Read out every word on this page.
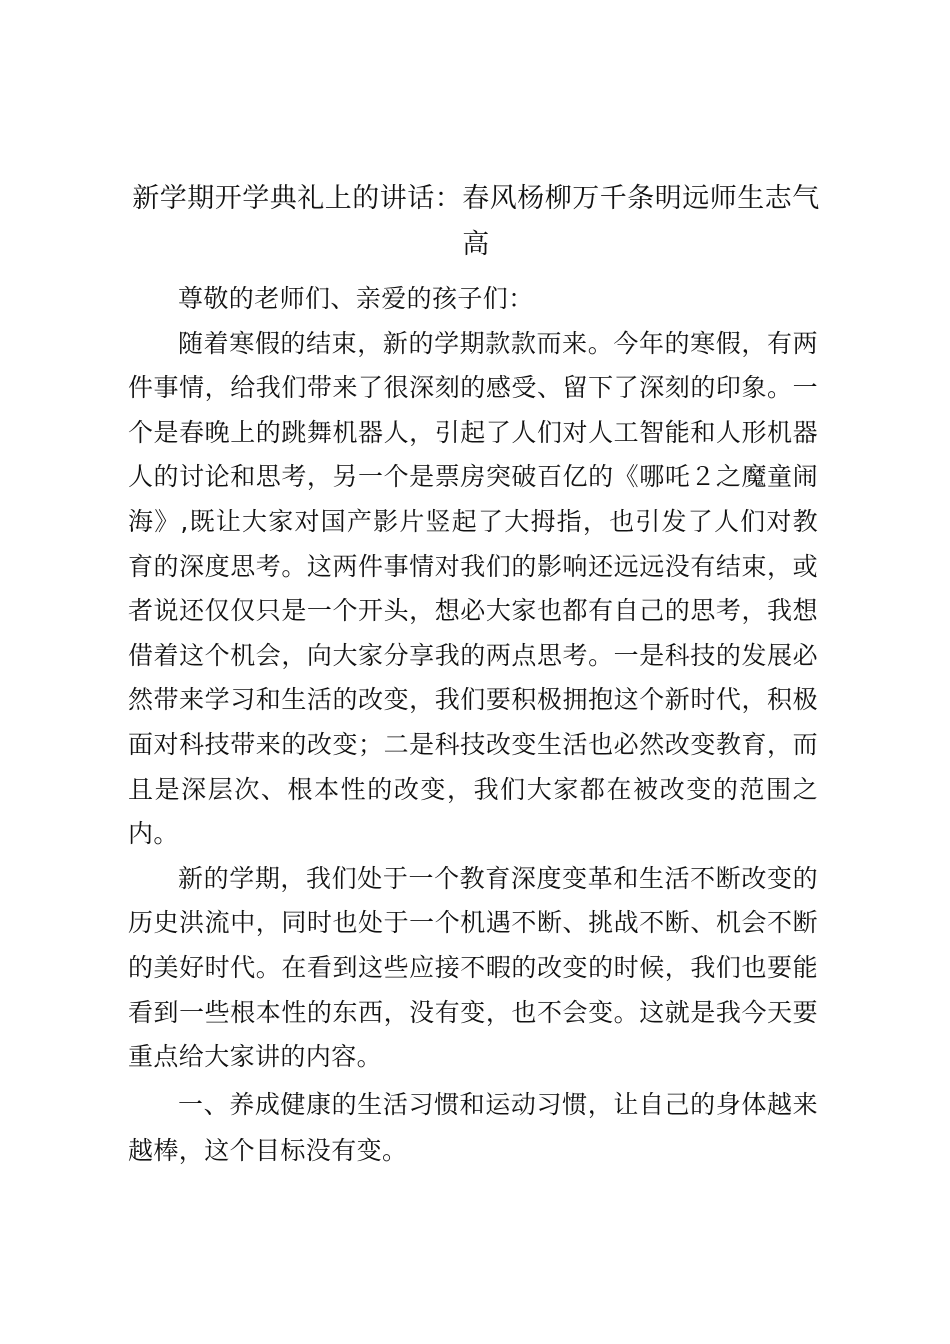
新学期开学典礼上的讲话：春风杨柳万千条明远师生志气高

尊敬的老师们、亲爱的孩子们：

随着寒假的结束，新的学期款款而来。今年的寒假，有两件事情，给我们带来了很深刻的感受、留下了深刻的印象。一个是春晚上的跳舞机器人，引起了人们对人工智能和人形机器人的讨论和思考，另一个是票房突破百亿的《哪吒２之魔童闹海》,既让大家对国产影片竖起了大拇指，也引发了人们对教育的深度思考。这两件事情对我们的影响还远远没有结束，或者说还仅仅只是一个开头，想必大家也都有自己的思考，我想借着这个机会，向大家分享我的两点思考。一是科技的发展必然带来学习和生活的改变，我们要积极拥抱这个新时代，积极面对科技带来的改变；二是科技改变生活也必然改变教育，而且是深层次、根本性的改变，我们大家都在被改变的范围之内。

新的学期，我们处于一个教育深度变革和生活不断改变的历史洪流中，同时也处于一个机遇不断、挑战不断、机会不断的美好时代。在看到这些应接不暇的改变的时候，我们也要能看到一些根本性的东西，没有变，也不会变。这就是我今天要重点给大家讲的内容。

一、养成健康的生活习惯和运动习惯，让自己的身体越来越棒，这个目标没有变。
